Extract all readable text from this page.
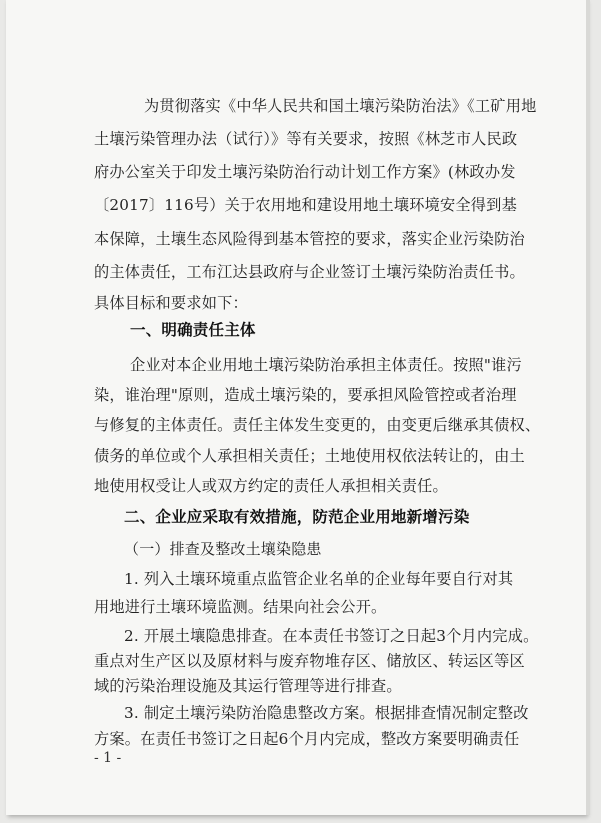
为贯彻落实《中华人民共和国土壤污染防治法》《工矿用地
土壤污染管理办法（试行）》等有关要求，按照《林芝市人民政
府办公室关于印发土壤污染防治行动计划工作方案》(林政办发
〔2017〕116号）关于农用地和建设用地土壤环境安全得到基
本保障，土壤生态风险得到基本管控的要求，落实企业污染防治
的主体责任，工布江达县政府与企业签订土壤污染防治责任书。
具体目标和要求如下：
一、明确责任主体
企业对本企业用地土壤污染防治承担主体责任。按照"谁污
染，谁治理"原则，造成土壤污染的，要承担风险管控或者治理
与修复的主体责任。责任主体发生变更的，由变更后继承其债权、
债务的单位或个人承担相关责任；土地使用权依法转让的，由土
地使用权受让人或双方约定的责任人承担相关责任。
二、企业应采取有效措施，防范企业用地新增污染
（一）排查及整改土壤染隐患
1. 列入土壤环境重点监管企业名单的企业每年要自行对其
用地进行土壤环境监测。结果向社会公开。
2. 开展土壤隐患排查。在本责任书签订之日起3个月内完成。
重点对生产区以及原材料与废弃物堆存区、储放区、转运区等区
域的污染治理设施及其运行管理等进行排查。
3. 制定土壤污染防治隐患整改方案。根据排查情况制定整改
方案。在责任书签订之日起6个月内完成，整改方案要明确责任
- 1 -
